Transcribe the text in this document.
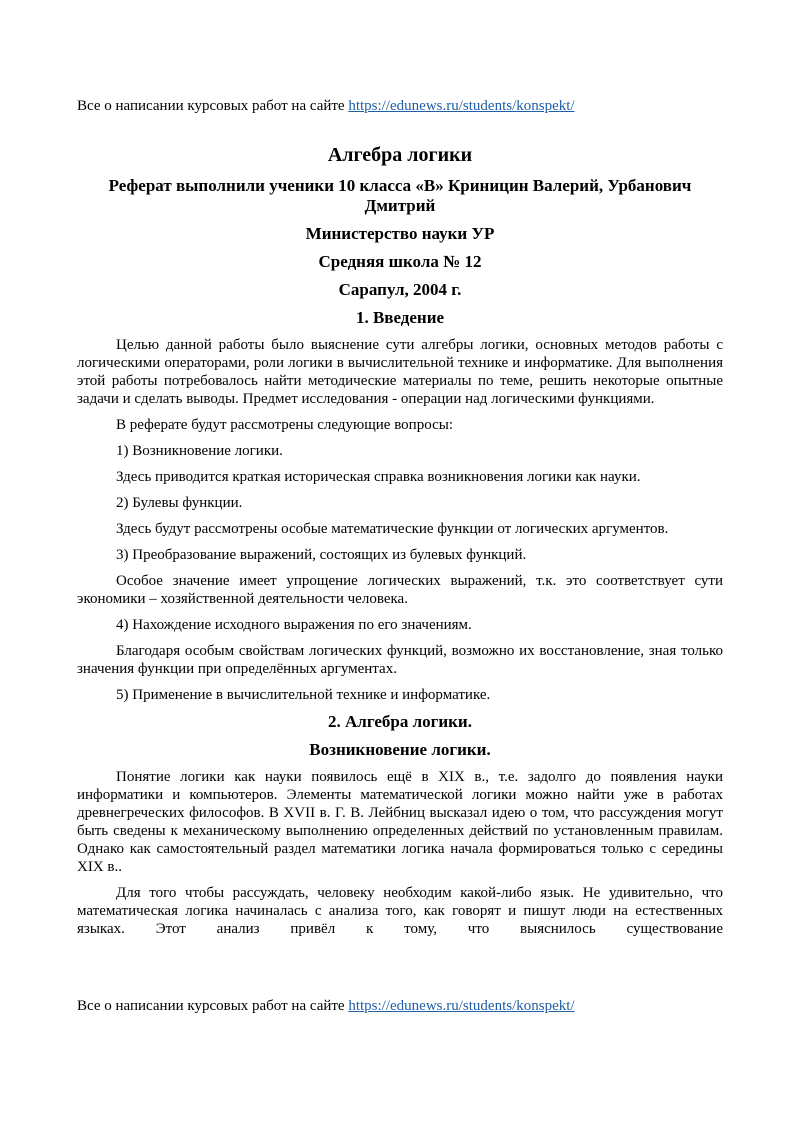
Все о написании курсовых работ на сайте https://edunews.ru/students/konspekt/
Алгебра логики
Реферат выполнили ученики 10 класса «В» Криницин Валерий, Урбанович Дмитрий
Министерство науки УР
Средняя школа № 12
Сарапул, 2004 г.
1. Введение

Целью данной работы было выяснение сути алгебры логики, основных методов работы с логическими операторами, роли логики в вычислительной технике и информатике. Для выполнения этой работы потребовалось найти методические материалы по теме, решить некоторые опытные задачи и сделать выводы. Предмет исследования - операции над логическими функциями.

В реферате будут рассмотрены следующие вопросы:

1) Возникновение логики.

Здесь приводится краткая историческая справка возникновения логики как науки.

2) Булевы функции.

Здесь будут рассмотрены особые математические функции от логических аргументов.

3) Преобразование выражений, состоящих из булевых функций.

Особое значение имеет упрощение логических выражений, т.к. это соответствует сути экономики – хозяйственной деятельности человека.

4) Нахождение исходного выражения по его значениям.

Благодаря особым свойствам логических функций, возможно их восстановление, зная только значения функции при определённых аргументах.

5) Применение в вычислительной технике и информатике.

2. Алгебра логики.
Возникновение логики.

Понятие логики как науки появилось ещё в XIX в., т.е. задолго до появления науки информатики и компьютеров. Элементы математической логики можно найти уже в работах древнегреческих философов. В XVII в. Г. В. Лейбниц высказал идею о том, что рассуждения могут быть сведены к механическому выполнению определенных действий по установленным правилам. Однако как самостоятельный раздел математики логика начала формироваться только с середины XIX в..

Для того чтобы рассуждать, человеку необходим какой-либо язык. Не удивительно, что математическая логика начиналась с анализа того, как говорят и пишут люди на естественных языках. Этот анализ привёл к тому, что выяснилось существование

Все о написании курсовых работ на сайте https://edunews.ru/students/konspekt/
